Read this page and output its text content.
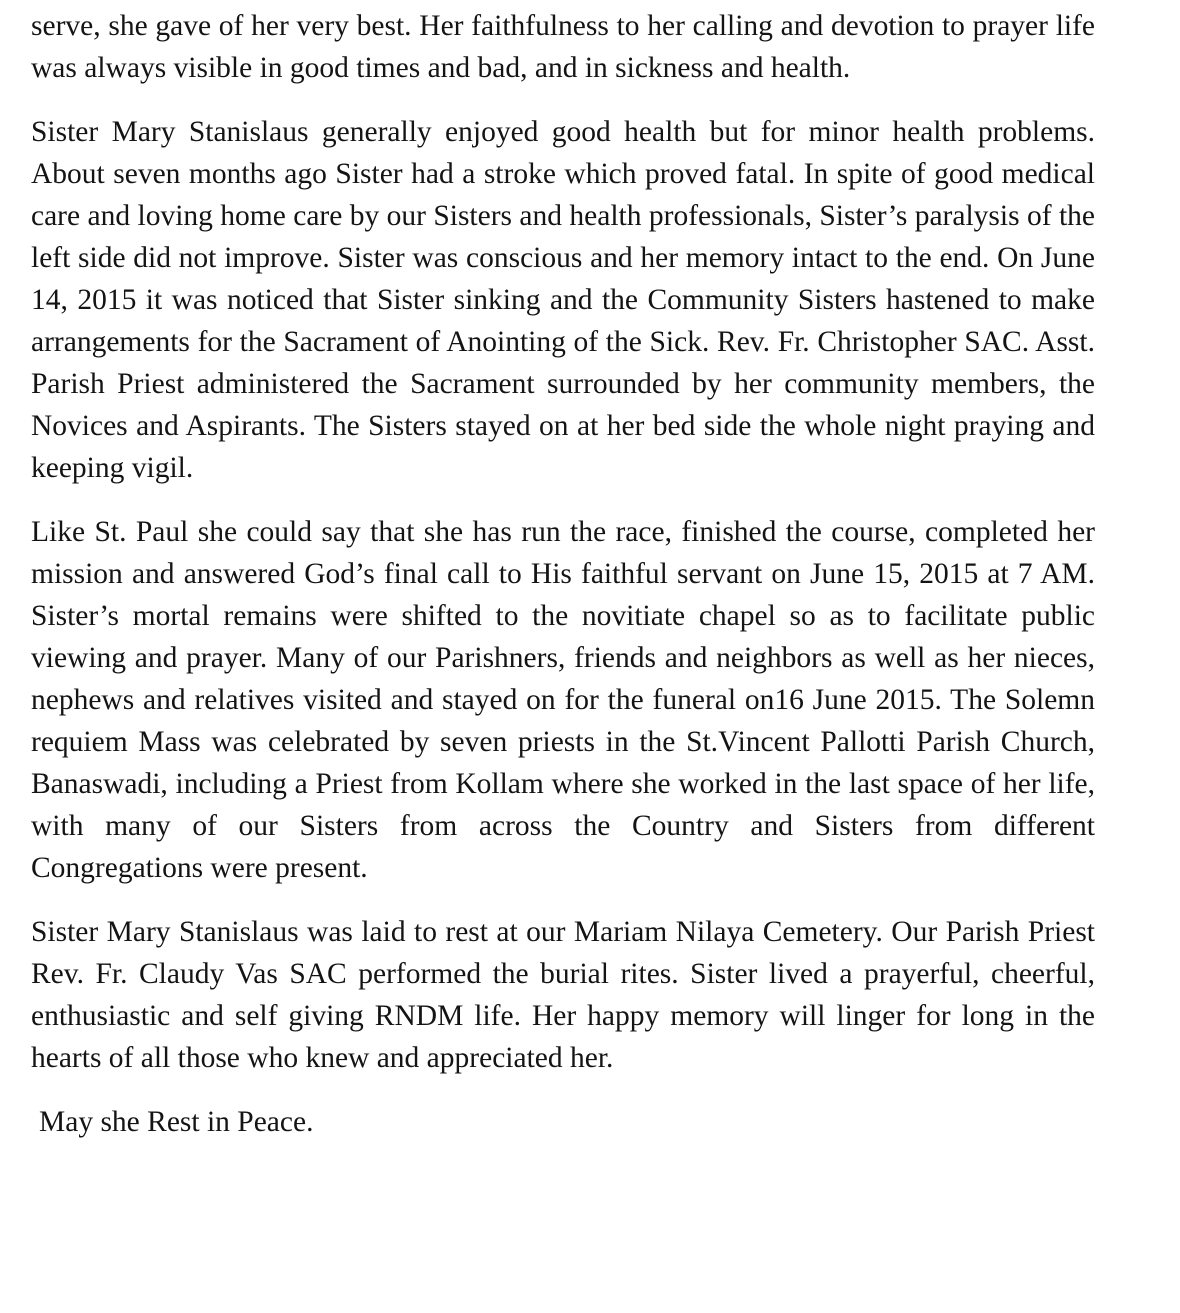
serve, she gave of her very best. Her faithfulness to her calling and devotion to prayer life was always visible in good times and bad, and in sickness and health.

Sister Mary Stanislaus generally enjoyed good health but for minor health problems. About seven months ago Sister had a stroke which proved fatal. In spite of good medical care and loving home care by our Sisters and health professionals, Sister’s paralysis of the left side did not improve. Sister was conscious and her memory intact to the end. On June 14, 2015 it was noticed that Sister sinking and the Community Sisters hastened to make arrangements for the Sacrament of Anointing of the Sick. Rev. Fr. Christopher SAC. Asst. Parish Priest administered the Sacrament surrounded by her community members, the Novices and Aspirants. The Sisters stayed on at her bed side the whole night praying and keeping vigil.

Like St. Paul she could say that she has run the race, finished the course, completed her mission and answered God’s final call to His faithful servant on June 15, 2015 at 7 AM. Sister’s mortal remains were shifted to the novitiate chapel so as to facilitate public viewing and prayer. Many of our Parishners, friends and neighbors as well as her nieces, nephews and relatives visited and stayed on for the funeral on16 June 2015. The Solemn requiem Mass was celebrated by seven priests in the St.Vincent Pallotti Parish Church, Banaswadi, including a Priest from Kollam where she worked in the last space of her life, with many of our Sisters from across the Country and Sisters from different Congregations were present.

Sister Mary Stanislaus was laid to rest at our Mariam Nilaya Cemetery. Our Parish Priest Rev. Fr. Claudy Vas SAC performed the burial rites. Sister lived a prayerful, cheerful, enthusiastic and self giving RNDM life. Her happy memory will linger for long in the hearts of all those who knew and appreciated her.

May she Rest in Peace.
